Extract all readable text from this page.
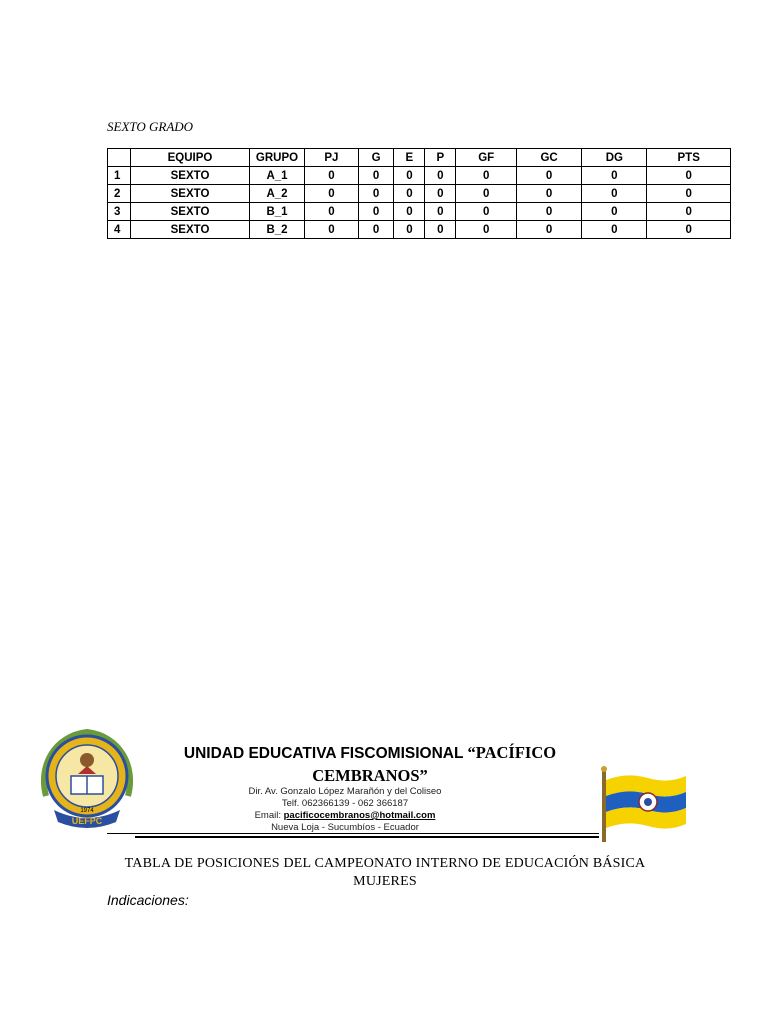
SEXTO GRADO
	EQUIPO	GRUPO	PJ	G	E	P	GF	GC	DG	PTS
1	SEXTO	A_1	0	0	0	0	0	0	0	0
2	SEXTO	A_2	0	0	0	0	0	0	0	0
3	SEXTO	B_1	0	0	0	0	0	0	0	0
4	SEXTO	B_2	0	0	0	0	0	0	0	0
UEFPC
1974
UNIDAD EDUCATIVA FISCOMISIONAL “PACÍFICO
CEMBRANOS”
Dir. Av. Gonzalo López Marañón y del Coliseo
Telf. 062366139 - 062 366187
Email: pacificocembranos@hotmail.com
Nueva Loja - Sucumbíos - Ecuador
TABLA DE POSICIONES DEL CAMPEONATO INTERNO DE EDUCACIÓN BÁSICA
MUJERES
Indicaciones:
